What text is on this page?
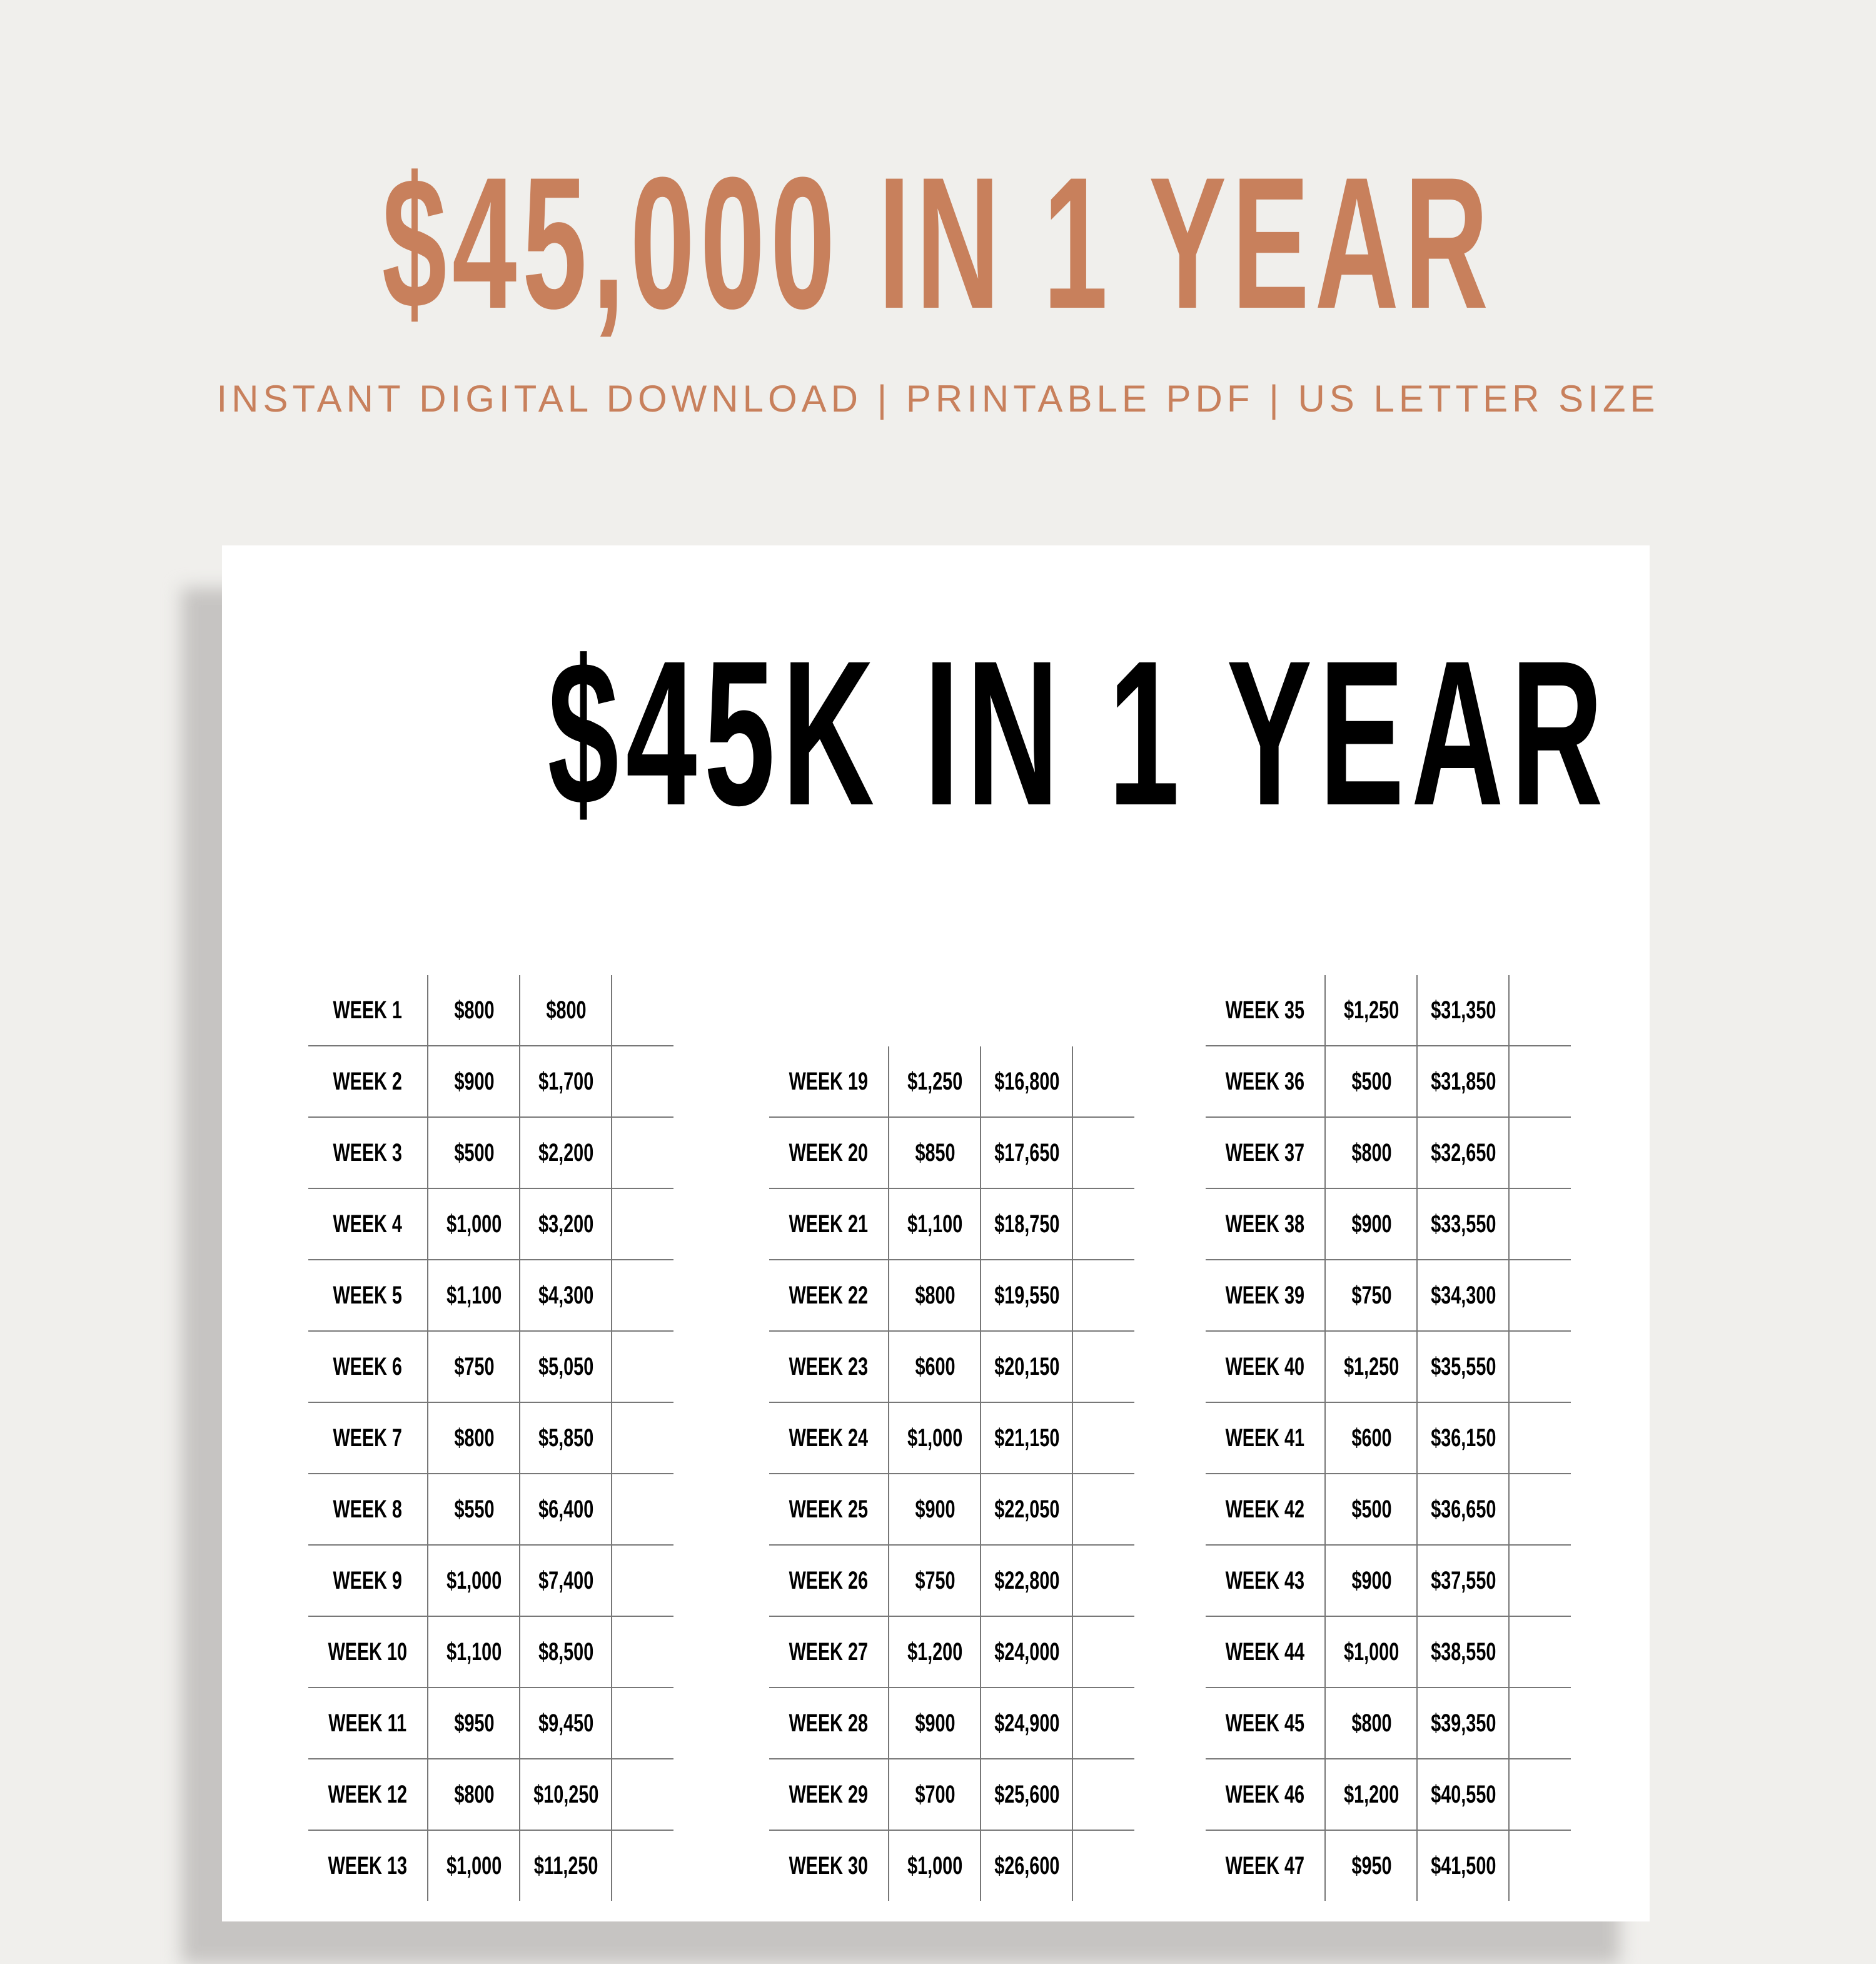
$45,000 IN 1 YEAR
INSTANT DIGITAL DOWNLOAD | PRINTABLE PDF | US LETTER SIZE
$45K IN 1 YEAR
WEEK 1	$800	$800
WEEK 2	$900	$1,700
WEEK 3	$500	$2,200
WEEK 4	$1,000	$3,200
WEEK 5	$1,100	$4,300
WEEK 6	$750	$5,050
WEEK 7	$800	$5,850
WEEK 8	$550	$6,400
WEEK 9	$1,000	$7,400
WEEK 10	$1,100	$8,500
WEEK 11	$950	$9,450
WEEK 12	$800	$10,250
WEEK 13	$1,000	$11,250
WEEK 19	$1,250	$16,800
WEEK 20	$850	$17,650
WEEK 21	$1,100	$18,750
WEEK 22	$800	$19,550
WEEK 23	$600	$20,150
WEEK 24	$1,000	$21,150
WEEK 25	$900	$22,050
WEEK 26	$750	$22,800
WEEK 27	$1,200	$24,000
WEEK 28	$900	$24,900
WEEK 29	$700	$25,600
WEEK 30	$1,000	$26,600
WEEK 35	$1,250	$31,350
WEEK 36	$500	$31,850
WEEK 37	$800	$32,650
WEEK 38	$900	$33,550
WEEK 39	$750	$34,300
WEEK 40	$1,250	$35,550
WEEK 41	$600	$36,150
WEEK 42	$500	$36,650
WEEK 43	$900	$37,550
WEEK 44	$1,000	$38,550
WEEK 45	$800	$39,350
WEEK 46	$1,200	$40,550
WEEK 47	$950	$41,500
